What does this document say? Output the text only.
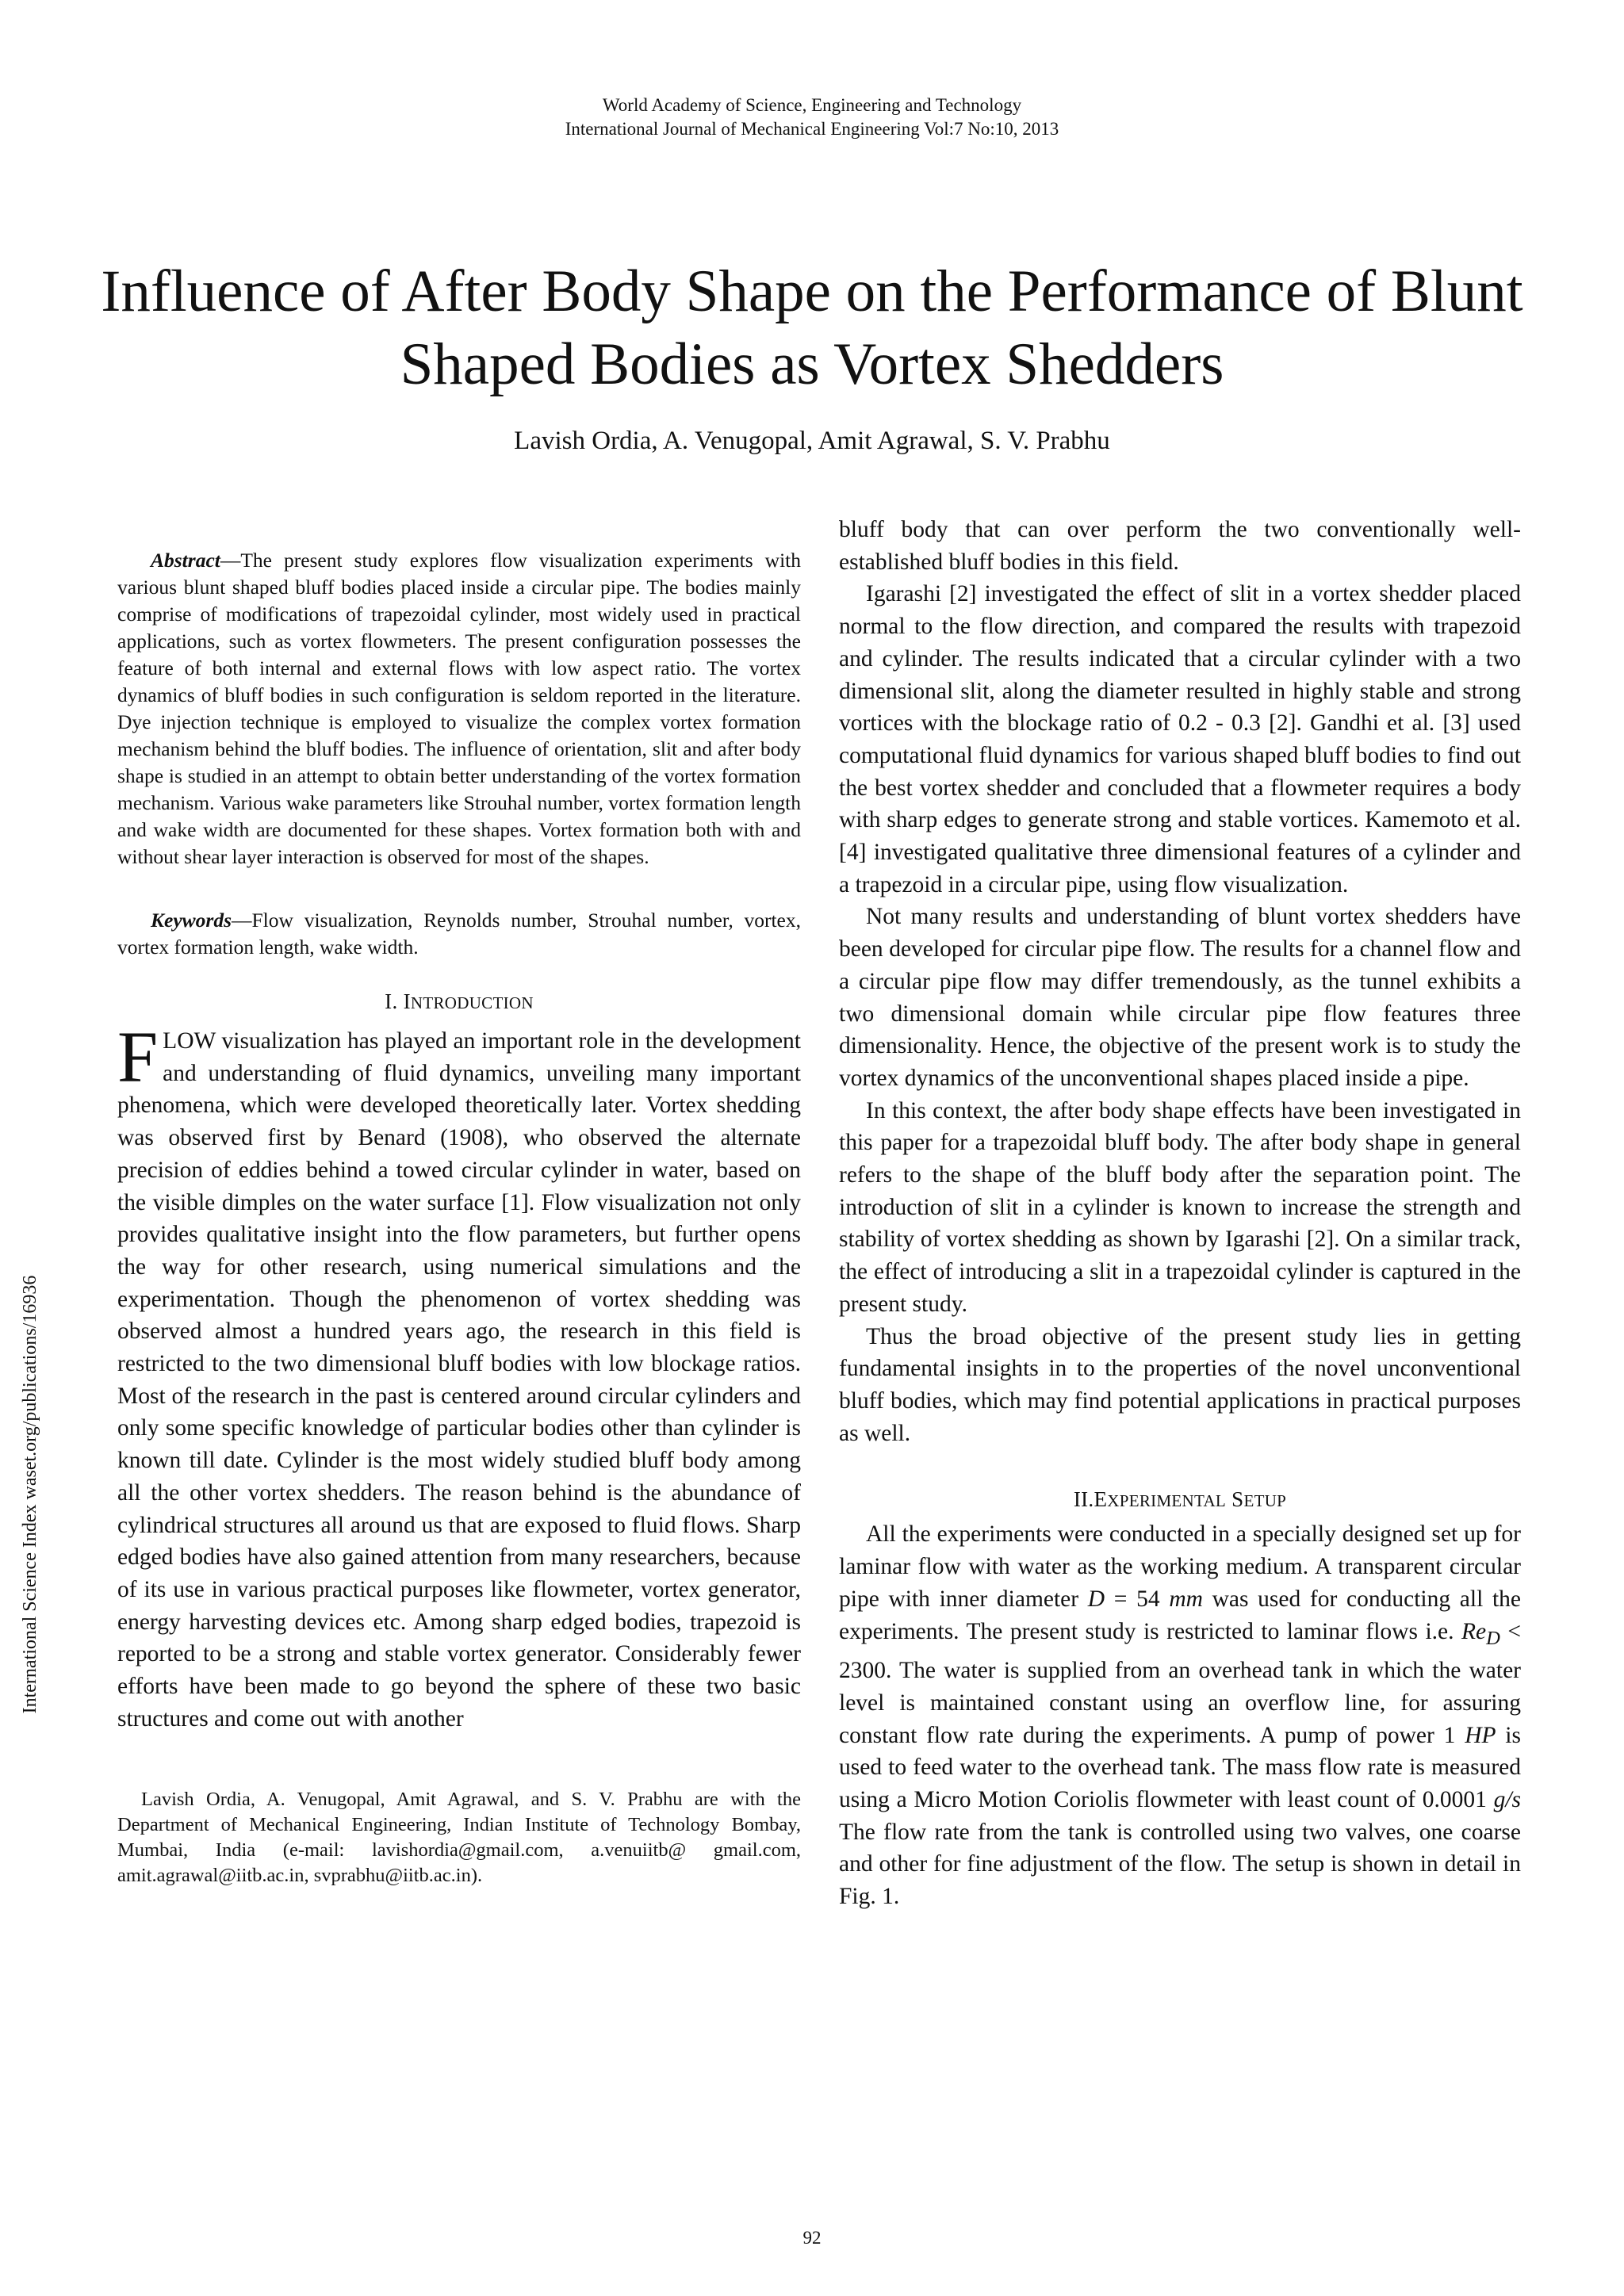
World Academy of Science, Engineering and Technology
International Journal of Mechanical Engineering Vol:7 No:10, 2013
Influence of After Body Shape on the Performance of Blunt Shaped Bodies as Vortex Shedders
Lavish Ordia, A. Venugopal, Amit Agrawal, S. V. Prabhu
International Science Index waset.org/publications/16936

Abstract—The present study explores flow visualization experiments with various blunt shaped bluff bodies placed inside a circular pipe. The bodies mainly comprise of modifications of trapezoidal cylinder, most widely used in practical applications, such as vortex flowmeters. The present configuration possesses the feature of both internal and external flows with low aspect ratio. The vortex dynamics of bluff bodies in such configuration is seldom reported in the literature. Dye injection technique is employed to visualize the complex vortex formation mechanism behind the bluff bodies. The influence of orientation, slit and after body shape is studied in an attempt to obtain better understanding of the vortex formation mechanism. Various wake parameters like Strouhal number, vortex formation length and wake width are documented for these shapes. Vortex formation both with and without shear layer interaction is observed for most of the shapes.

Keywords—Flow visualization, Reynolds number, Strouhal number, vortex, vortex formation length, wake width.

I. INTRODUCTION

FLOW visualization has played an important role in the development and understanding of fluid dynamics, unveiling many important phenomena, which were developed theoretically later. Vortex shedding was observed first by Benard (1908), who observed the alternate precision of eddies behind a towed circular cylinder in water, based on the visible dimples on the water surface [1]. Flow visualization not only provides qualitative insight into the flow parameters, but further opens the way for other research, using numerical simulations and the experimentation. Though the phenomenon of vortex shedding was observed almost a hundred years ago, the research in this field is restricted to the two dimensional bluff bodies with low blockage ratios. Most of the research in the past is centered around circular cylinders and only some specific knowledge of particular bodies other than cylinder is known till date. Cylinder is the most widely studied bluff body among all the other vortex shedders. The reason behind is the abundance of cylindrical structures all around us that are exposed to fluid flows. Sharp edged bodies have also gained attention from many researchers, because of its use in various practical purposes like flowmeter, vortex generator, energy harvesting devices etc. Among sharp edged bodies, trapezoid is reported to be a strong and stable vortex generator. Considerably fewer efforts have been made to go beyond the sphere of these two basic structures and come out with another

Lavish Ordia, A. Venugopal, Amit Agrawal, and S. V. Prabhu are with the Department of Mechanical Engineering, Indian Institute of Technology Bombay, Mumbai, India (e-mail: lavishordia@gmail.com, a.venuiitb@ gmail.com, amit.agrawal@iitb.ac.in, svprabhu@iitb.ac.in).

bluff body that can over perform the two conventionally well-established bluff bodies in this field.

Igarashi [2] investigated the effect of slit in a vortex shedder placed normal to the flow direction, and compared the results with trapezoid and cylinder. The results indicated that a circular cylinder with a two dimensional slit, along the diameter resulted in highly stable and strong vortices with the blockage ratio of 0.2 - 0.3 [2]. Gandhi et al. [3] used computational fluid dynamics for various shaped bluff bodies to find out the best vortex shedder and concluded that a flowmeter requires a body with sharp edges to generate strong and stable vortices. Kamemoto et al. [4] investigated qualitative three dimensional features of a cylinder and a trapezoid in a circular pipe, using flow visualization.

Not many results and understanding of blunt vortex shedders have been developed for circular pipe flow. The results for a channel flow and a circular pipe flow may differ tremendously, as the tunnel exhibits a two dimensional domain while circular pipe flow features three dimensionality. Hence, the objective of the present work is to study the vortex dynamics of the unconventional shapes placed inside a pipe.

In this context, the after body shape effects have been investigated in this paper for a trapezoidal bluff body. The after body shape in general refers to the shape of the bluff body after the separation point. The introduction of slit in a cylinder is known to increase the strength and stability of vortex shedding as shown by Igarashi [2]. On a similar track, the effect of introducing a slit in a trapezoidal cylinder is captured in the present study.

Thus the broad objective of the present study lies in getting fundamental insights in to the properties of the novel unconventional bluff bodies, which may find potential applications in practical purposes as well.

II.EXPERIMENTAL SETUP

All the experiments were conducted in a specially designed set up for laminar flow with water as the working medium. A transparent circular pipe with inner diameter D = 54 mm was used for conducting all the experiments. The present study is restricted to laminar flows i.e. $Re_D < 2300$. The water is supplied from an overhead tank in which the water level is maintained constant using an overflow line, for assuring constant flow rate during the experiments. A pump of power 1 HP is used to feed water to the overhead tank. The mass flow rate is measured using a Micro Motion Coriolis flowmeter with least count of 0.0001 g/s The flow rate from the tank is controlled using two valves, one coarse and other for fine adjustment of the flow. The setup is shown in detail in Fig. 1.

92
